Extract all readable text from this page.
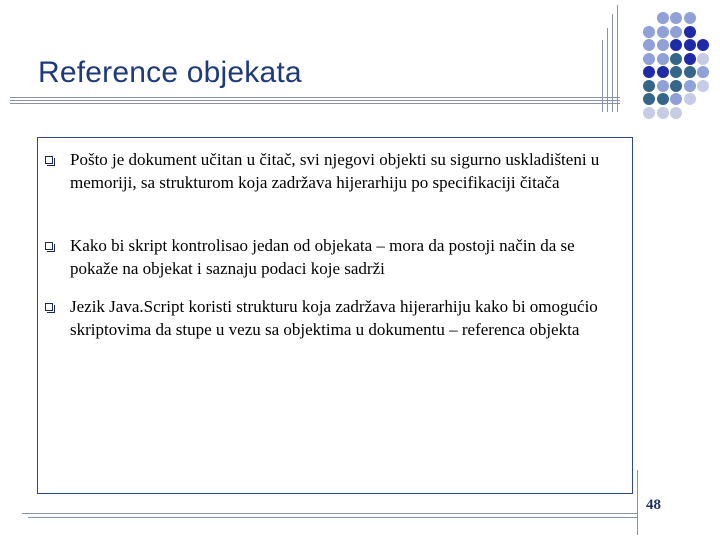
Reference objekata
Pošto je dokument učitan u čitač, svi njegovi objekti su sigurno uskladišteni u memoriji, sa strukturom koja zadržava hijerarhiju po specifikaciji čitača
Kako bi skript kontrolisao jedan od objekata – mora da postoji način da se pokaže na objekat i saznaju podaci koje sadrži
Jezik Java.Script koristi strukturu koja zadržava hijerarhiju kako bi omogućio skriptovima da stupe u vezu sa objektima u dokumentu – referenca objekta
48
